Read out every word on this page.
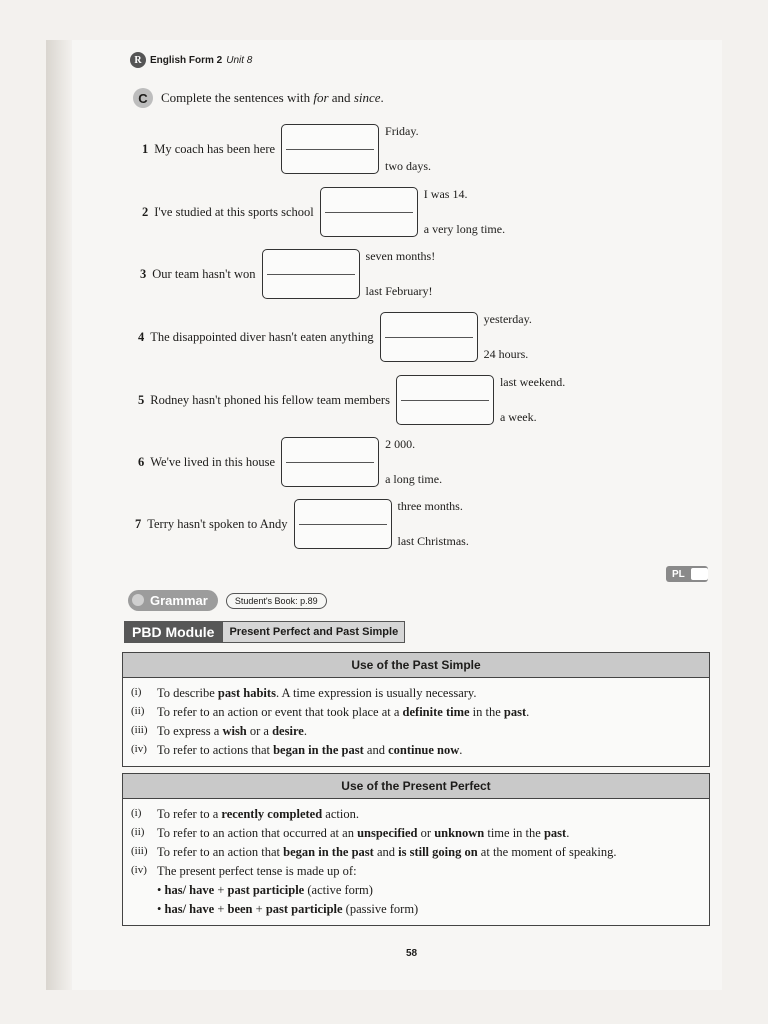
R English Form 2 Unit 8
C	Complete the sentences with for and since.
1 My coach has been here
Friday.
two days.
2 I've studied at this sports school
I was 14.
a very long time.
3 Our team hasn't won
seven months!
last February!
4 The disappointed diver hasn't eaten anything
yesterday.
24 hours.
5 Rodney hasn't phoned his fellow team members
last weekend.
a week.
6 We've lived in this house
2 000.
a long time.
7 Terry hasn't spoken to Andy
three months.
last Christmas.
PL
Grammar	Student's Book: p.89
PBD Module	Present Perfect and Past Simple
Use of the Past Simple
(i)	To describe past habits. A time expression is usually necessary.
(ii)	To refer to an action or event that took place at a definite time in the past.
(iii) To express a wish or a desire.
(iv) To refer to actions that began in the past and continue now.
Use of the Present Perfect
(i)	To refer to a recently completed action.
(ii)	To refer to an action that occurred at an unspecified or unknown time in the past.
(iii) To refer to an action that began in the past and is still going on at the moment of speaking.
(iv) The present perfect tense is made up of:
• has/ have + past participle (active form)
• has/ have + been + past participle (passive form)
58
